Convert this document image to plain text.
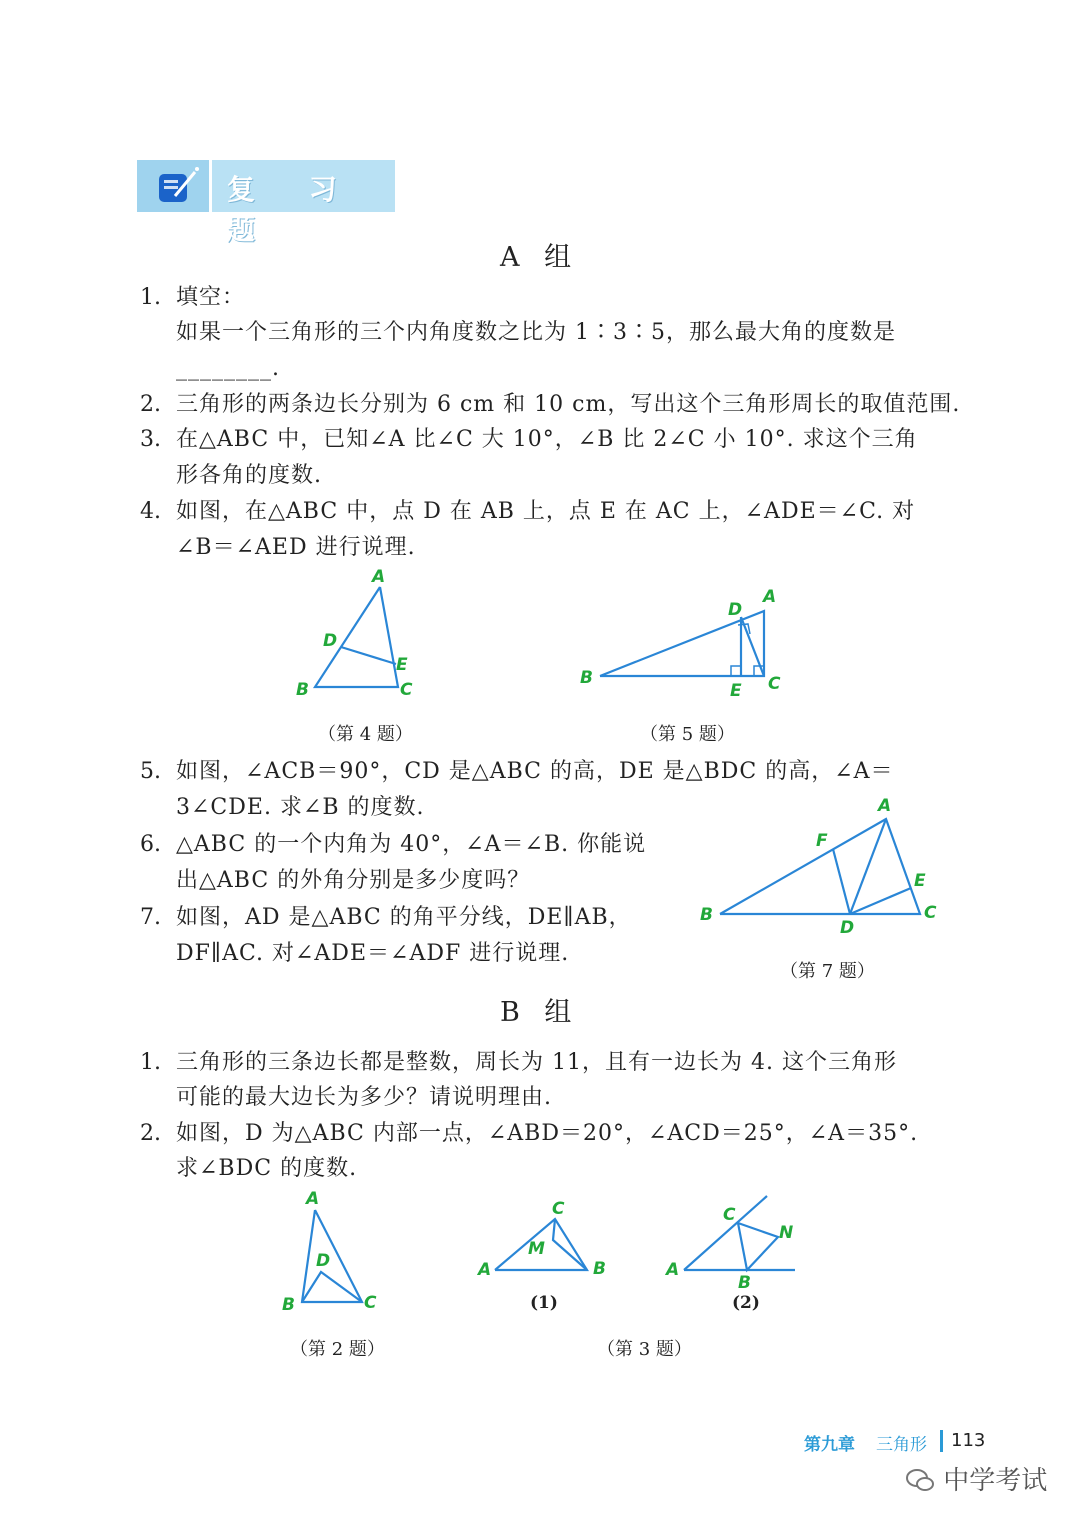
复 习 题
A 组
1. 填空：
如果一个三角形的三个内角度数之比为 1∶3∶5，那么最大角的度数是
________.
2. 三角形的两条边长分别为 6 cm 和 10 cm，写出这个三角形周长的取值范围.
3. 在△ABC 中，已知∠A 比∠C 大 10°，∠B 比 2∠C 小 10°. 求这个三角
形各角的度数.
4. 如图，在△ABC 中，点 D 在 AB 上，点 E 在 AC 上，∠ADE＝∠C. 对
∠B＝∠AED 进行说理.
A
B	C
D
E
（第 4 题）
A
B	C
D
E
（第 5 题）
5. 如图，∠ACB＝90°，CD 是△ABC 的高，DE 是△BDC 的高，∠A＝
3∠CDE. 求∠B 的度数.
6. △ABC 的一个内角为 40°，∠A＝∠B. 你能说
出△ABC 的外角分别是多少度吗？
7. 如图，AD 是△ABC 的角平分线，DE∥AB，
DF∥AC. 对∠ADE＝∠ADF 进行说理.
A
B	C
D
E
F
（第 7 题）
B 组
1. 三角形的三条边长都是整数，周长为 11，且有一边长为 4. 这个三角形
可能的最大边长为多少？请说明理由.
2. 如图，D 为△ABC 内部一点，∠ABD＝20°，∠ACD＝25°，∠A＝35°.
求∠BDC 的度数.
A
B	C
D
（第 2 题）
A	B
C
M
(1)
A
B
C
N
(2)
（第 3 题）
第九章 三角形 113
中学考试
